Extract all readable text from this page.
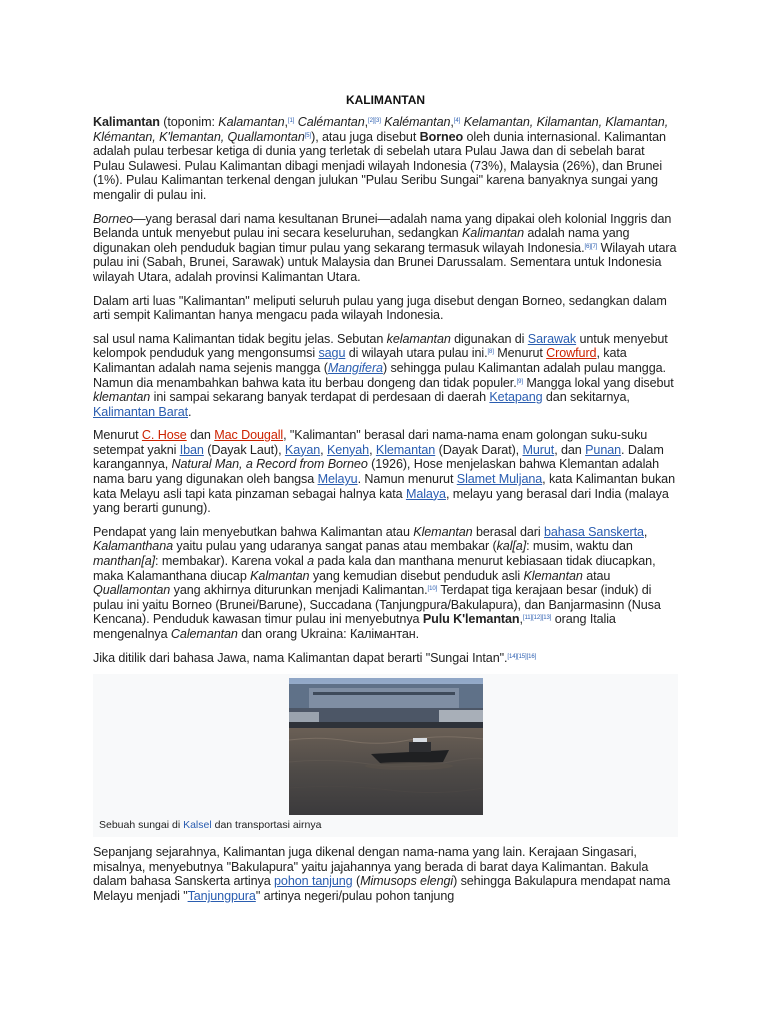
KALIMANTAN

Kalimantan (toponim: Kalamantan,[1] Calémantan,[2][3] Kalémantan,[4] Kelamantan, Kilamantan, Klamantan, Klémantan, K'lemantan, Quallamontan[5]), atau juga disebut Borneo oleh dunia internasional. Kalimantan adalah pulau terbesar ketiga di dunia yang terletak di sebelah utara Pulau Jawa dan di sebelah barat Pulau Sulawesi. Pulau Kalimantan dibagi menjadi wilayah Indonesia (73%), Malaysia (26%), dan Brunei (1%). Pulau Kalimantan terkenal dengan julukan "Pulau Seribu Sungai" karena banyaknya sungai yang mengalir di pulau ini.

Borneo—yang berasal dari nama kesultanan Brunei—adalah nama yang dipakai oleh kolonial Inggris dan Belanda untuk menyebut pulau ini secara keseluruhan, sedangkan Kalimantan adalah nama yang digunakan oleh penduduk bagian timur pulau yang sekarang termasuk wilayah Indonesia.[6][7] Wilayah utara pulau ini (Sabah, Brunei, Sarawak) untuk Malaysia dan Brunei Darussalam. Sementara untuk Indonesia wilayah Utara, adalah provinsi Kalimantan Utara.

Dalam arti luas "Kalimantan" meliputi seluruh pulau yang juga disebut dengan Borneo, sedangkan dalam arti sempit Kalimantan hanya mengacu pada wilayah Indonesia.

sal usul nama Kalimantan tidak begitu jelas. Sebutan kelamantan digunakan di Sarawak untuk menyebut kelompok penduduk yang mengonsumsi sagu di wilayah utara pulau ini.[8] Menurut Crowfurd, kata Kalimantan adalah nama sejenis mangga (Mangifera) sehingga pulau Kalimantan adalah pulau mangga. Namun dia menambahkan bahwa kata itu berbau dongeng dan tidak populer.[9] Mangga lokal yang disebut klemantan ini sampai sekarang banyak terdapat di perdesaan di daerah Ketapang dan sekitarnya, Kalimantan Barat.

Menurut C. Hose dan Mac Dougall, "Kalimantan" berasal dari nama-nama enam golongan suku-suku setempat yakni Iban (Dayak Laut), Kayan, Kenyah, Klemantan (Dayak Darat), Murut, dan Punan. Dalam karangannya, Natural Man, a Record from Borneo (1926), Hose menjelaskan bahwa Klemantan adalah nama baru yang digunakan oleh bangsa Melayu. Namun menurut Slamet Muljana, kata Kalimantan bukan kata Melayu asli tapi kata pinzaman sebagai halnya kata Malaya, melayu yang berasal dari India (malaya yang berarti gunung).

Pendapat yang lain menyebutkan bahwa Kalimantan atau Klemantan berasal dari bahasa Sanskerta, Kalamanthana yaitu pulau yang udaranya sangat panas atau membakar (kal[a]: musim, waktu dan manthan[a]: membakar). Karena vokal a pada kala dan manthana menurut kebiasaan tidak diucapkan, maka Kalamanthana diucap Kalmantan yang kemudian disebut penduduk asli Klemantan atau Quallamontan yang akhirnya diturunkan menjadi Kalimantan.[10] Terdapat tiga kerajaan besar (induk) di pulau ini yaitu Borneo (Brunei/Barune), Succadana (Tanjungpura/Bakulapura), dan Banjarmasinn (Nusa Kencana). Penduduk kawasan timur pulau ini menyebutnya Pulu K'lemantan,[11][12][13] orang Italia mengenalnya Calemantan dan orang Ukraina: Калімантан.

Jika ditilik dari bahasa Jawa, nama Kalimantan dapat berarti "Sungai Intan".[14][15][16]

Sebuah sungai di Kalsel dan transportasi airnya

Sepanjang sejarahnya, Kalimantan juga dikenal dengan nama-nama yang lain. Kerajaan Singasari, misalnya, menyebutnya "Bakulapura" yaitu jajahannya yang berada di barat daya Kalimantan. Bakula dalam bahasa Sanskerta artinya pohon tanjung (Mimusops elengi) sehingga Bakulapura mendapat nama Melayu menjadi "Tanjungpura" artinya negeri/pulau pohon tanjung
